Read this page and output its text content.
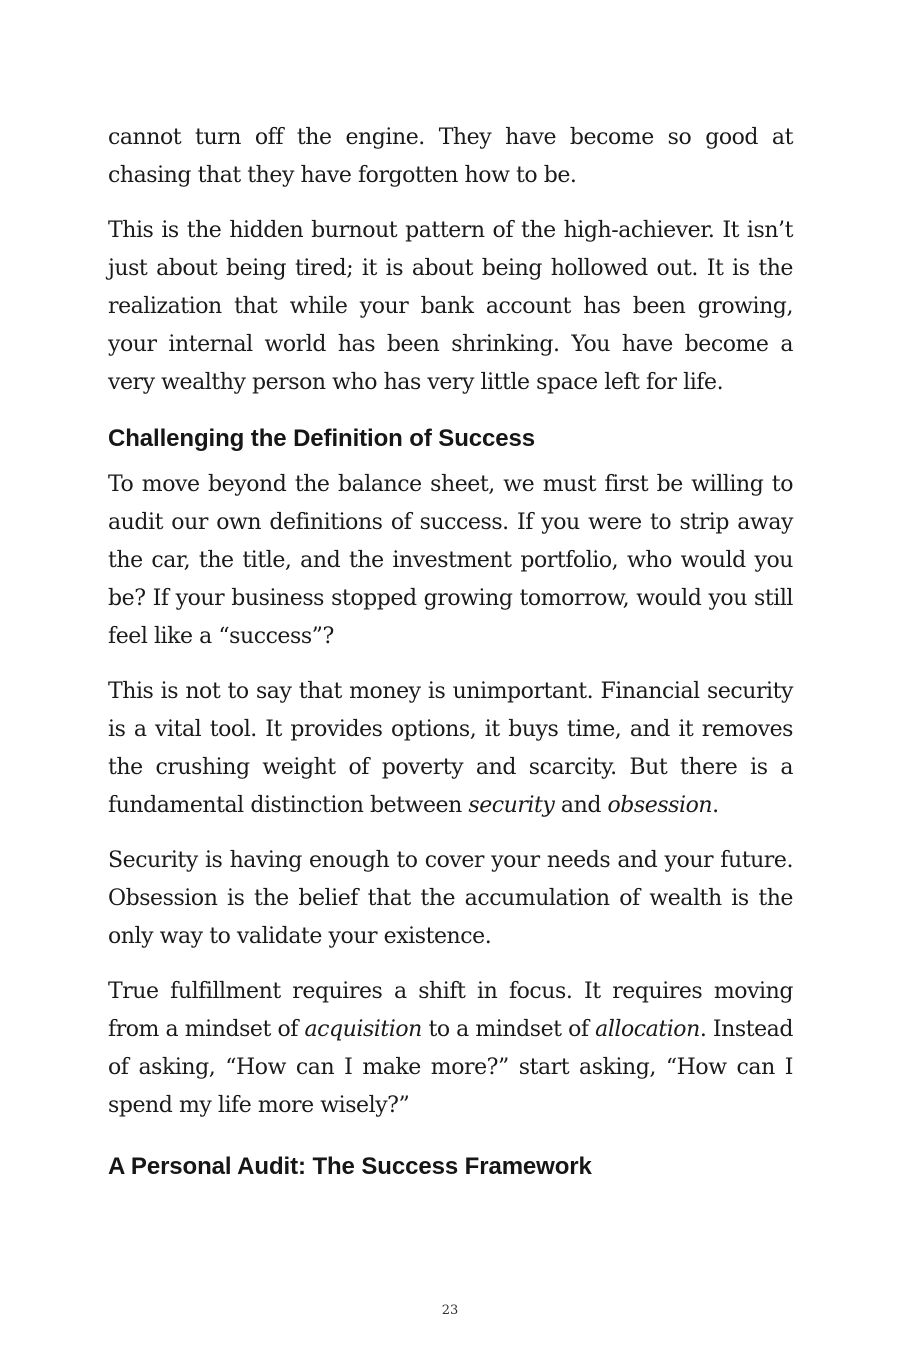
cannot turn off the engine. They have become so good at chasing that they have forgotten how to be.

This is the hidden burnout pattern of the high-achiever. It isn’t just about being tired; it is about being hollowed out. It is the realization that while your bank account has been growing, your internal world has been shrinking. You have become a very wealthy person who has very little space left for life.

Challenging the Definition of Success

To move beyond the balance sheet, we must first be willing to audit our own definitions of success. If you were to strip away the car, the title, and the investment portfolio, who would you be? If your business stopped growing tomorrow, would you still feel like a “success”?

This is not to say that money is unimportant. Financial security is a vital tool. It provides options, it buys time, and it removes the crushing weight of poverty and scarcity. But there is a fundamental distinction between security and obsession.

Security is having enough to cover your needs and your future. Obsession is the belief that the accumulation of wealth is the only way to validate your existence.

True fulfillment requires a shift in focus. It requires moving from a mindset of acquisition to a mindset of allocation. Instead of asking, “How can I make more?” start asking, “How can I spend my life more wisely?”

A Personal Audit: The Success Framework
23
